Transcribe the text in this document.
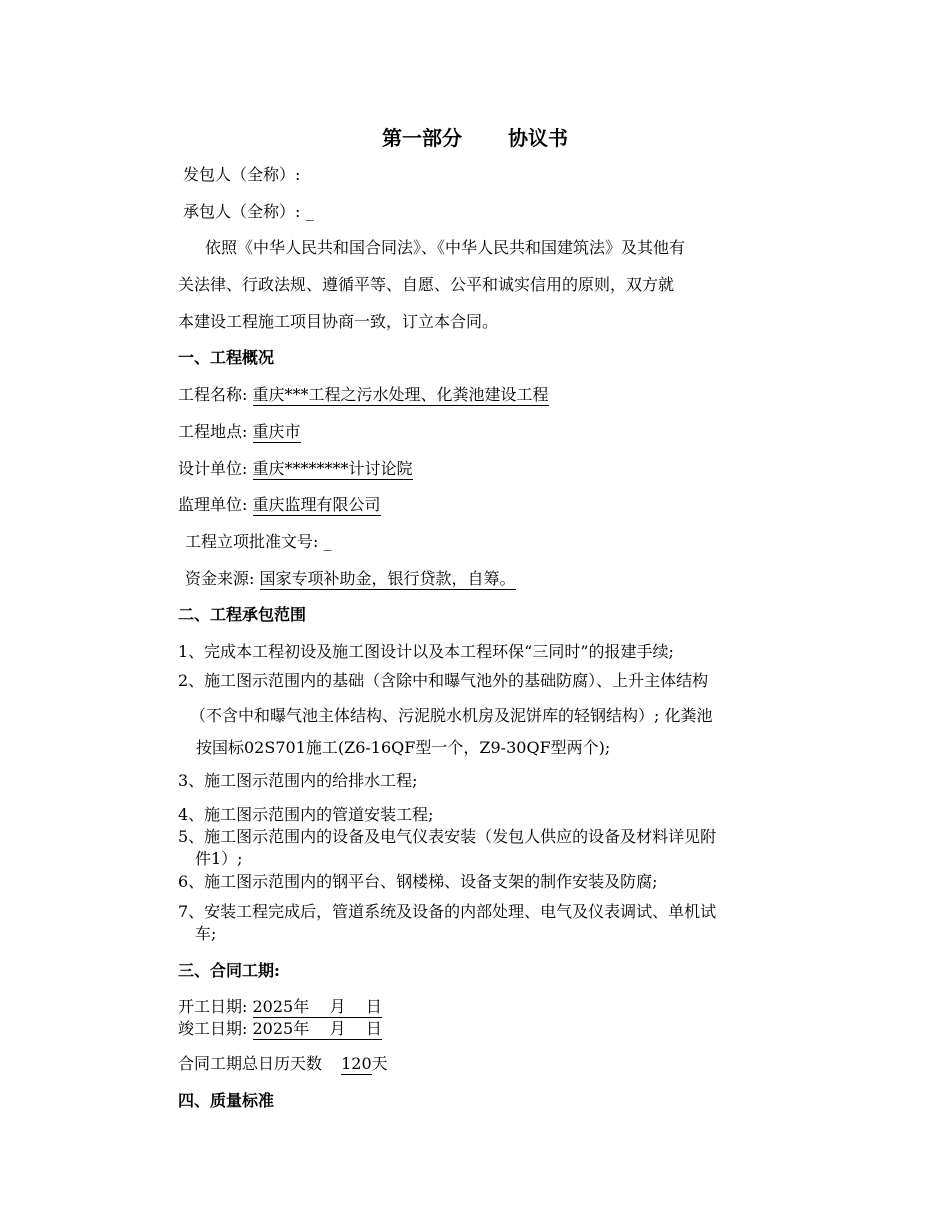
第一部分 协议书
发包人（全称）:
承包人（全称）: _
依照《中华人民共和国合同法》、《中华人民共和国建筑法》及其他有
关法律、行政法规、遵循平等、自愿、公平和诚实信用的原则，双方就
本建设工程施工项目协商一致，订立本合同。
一、工程概况
工程名称: 重庆***工程之污水处理、化粪池建设工程
工程地点: 重庆市
设计单位: 重庆********计讨论院
监理单位: 重庆监理有限公司
工程立项批准文号: _
资金来源: 国家专项补助金，银行贷款，自筹。
二、工程承包范围
1、完成本工程初设及施工图设计以及本工程环保“三同时”的报建手续;
2、施工图示范围内的基础（含除中和曝气池外的基础防腐）、上升主体结构
（不含中和曝气池主体结构、污泥脱水机房及泥饼库的轻钢结构）; 化粪池
按国标02S701施工(Z6-16QF型一个，Z9-30QF型两个);
3、施工图示范围内的给排水工程;
4、施工图示范围内的管道安装工程;
5、施工图示范围内的设备及电气仪表安装（发包人供应的设备及材料详见附
件1）;
6、施工图示范围内的钢平台、钢楼梯、设备支架的制作安装及防腐;
7、安装工程完成后，管道系统及设备的内部处理、电气及仪表调试、单机试
车;
三、合同工期:
开工日期: 2025年    月    日
竣工日期: 2025年    月    日
合同工期总日历天数 120天
四、质量标准
